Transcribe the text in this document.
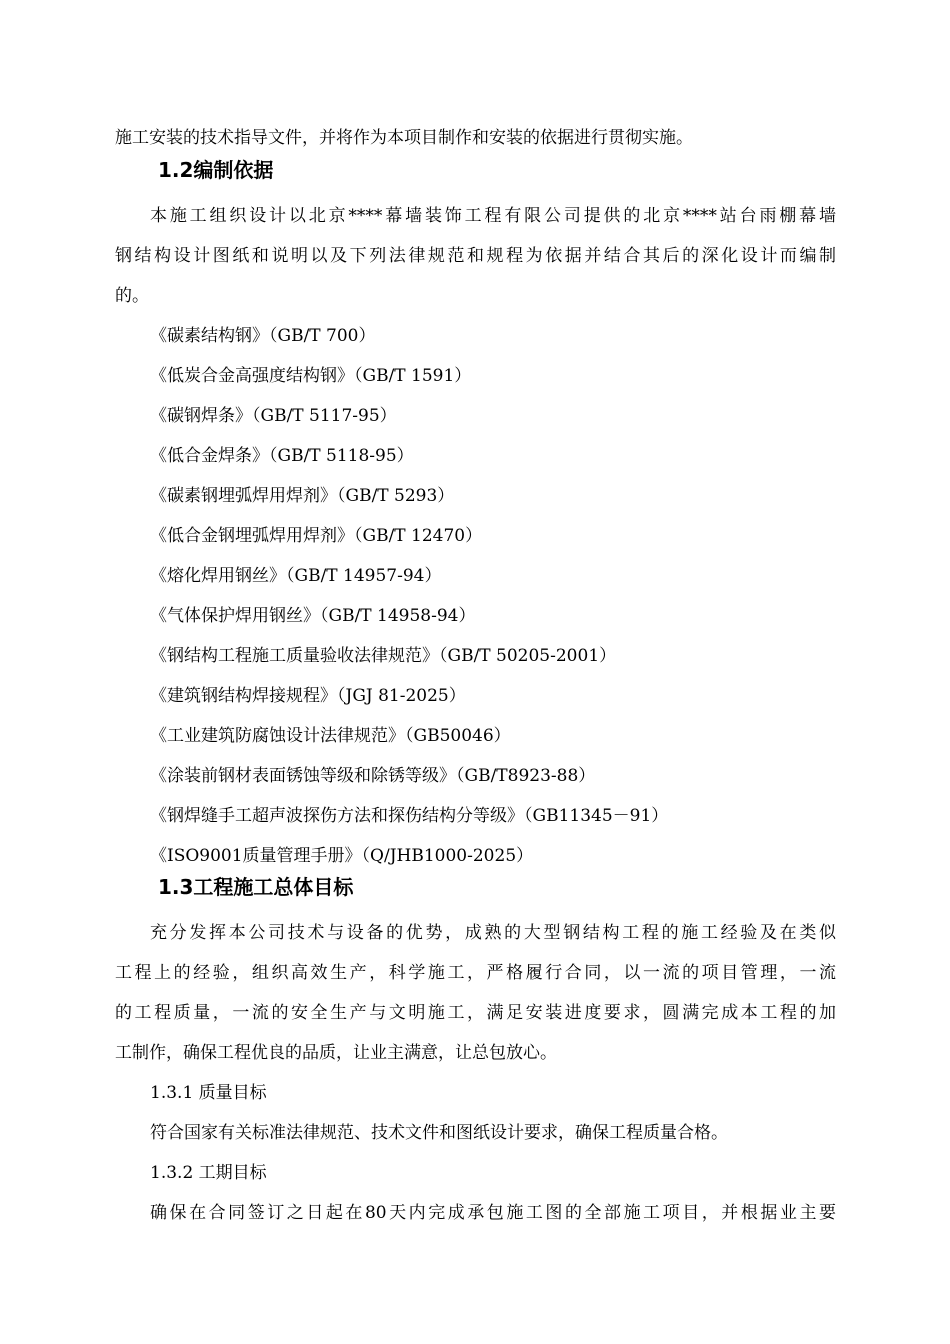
施工安装的技术指导文件，并将作为本项目制作和安装的依据进行贯彻实施。
1.2编制依据
本施工组织设计以北京****幕墙装饰工程有限公司提供的北京****站台雨棚幕墙
钢结构设计图纸和说明以及下列法律规范和规程为依据并结合其后的深化设计而编制
的。
《碳素结构钢》（GB/T 700）
《低炭合金高强度结构钢》（GB/T 1591）
《碳钢焊条》（GB/T 5117-95）
《低合金焊条》（GB/T 5118-95）
《碳素钢埋弧焊用焊剂》（GB/T 5293）
《低合金钢埋弧焊用焊剂》（GB/T 12470）
《熔化焊用钢丝》（GB/T 14957-94）
《气体保护焊用钢丝》（GB/T 14958-94）
《钢结构工程施工质量验收法律规范》（GB/T 50205-2001）
《建筑钢结构焊接规程》（JGJ 81-2025）
《工业建筑防腐蚀设计法律规范》（GB50046）
《涂装前钢材表面锈蚀等级和除锈等级》（GB/T8923-88）
《钢焊缝手工超声波探伤方法和探伤结构分等级》（GB11345－91）
《ISO9001质量管理手册》（Q/JHB1000-2025）
1.3工程施工总体目标
充分发挥本公司技术与设备的优势，成熟的大型钢结构工程的施工经验及在类似
工程上的经验，组织高效生产，科学施工，严格履行合同，以一流的项目管理，一流
的工程质量，一流的安全生产与文明施工，满足安装进度要求，圆满完成本工程的加
工制作，确保工程优良的品质，让业主满意，让总包放心。
1.3.1 质量目标
符合国家有关标准法律规范、技术文件和图纸设计要求，确保工程质量合格。
1.3.2 工期目标
确保在合同签订之日起在80天内完成承包施工图的全部施工项目，并根据业主要
